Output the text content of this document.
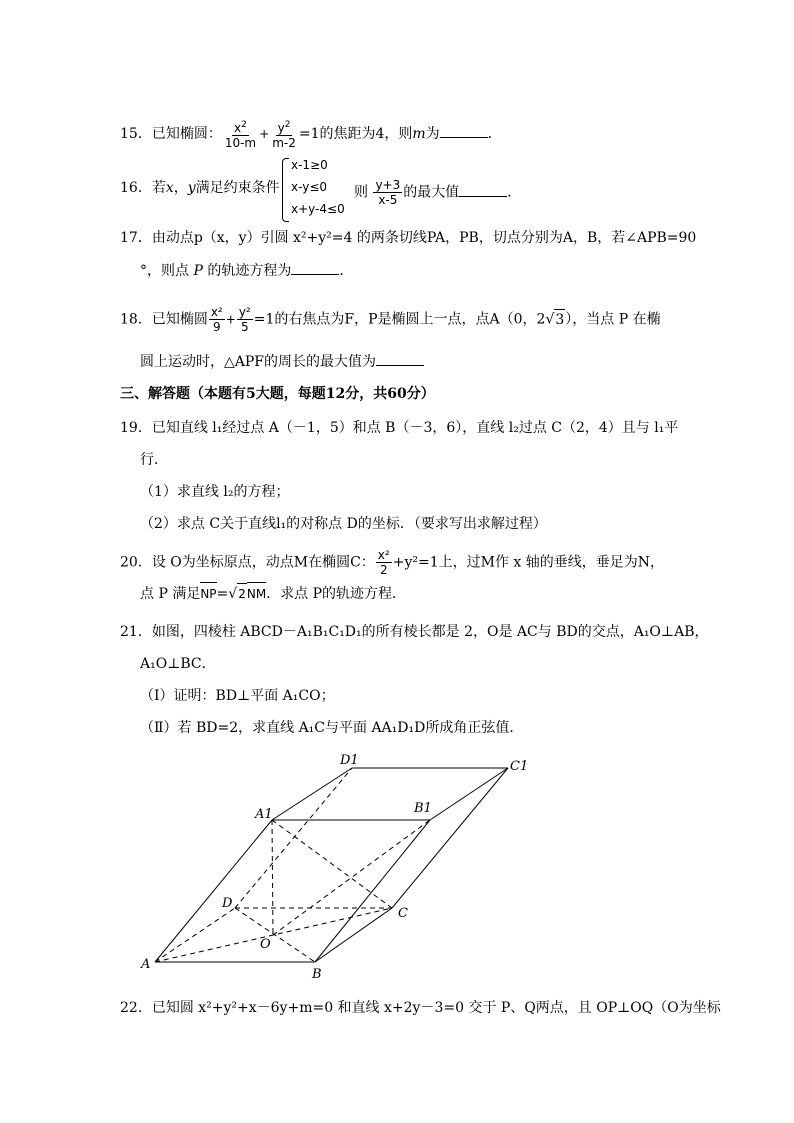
15．已知椭圆： $\frac{x^2}{10-m} + \frac{y^2}{m-2} =1$的焦距为4，则m为	．
16．若x，y满足约束条件
x-1≥0
x-y≤0
x+y-4≤0
则 $\frac{y+3}{x-5}$ 的最大值	．
17．由动点p（x，y）引圆 x²+y²=4 的两条切线PA，PB，切点分别为A，B，若∠APB=90
°，则点 P 的轨迹方程为	．
18．已知椭圆 $\frac{\text{x²}}{9} + \frac{\text{y²}}{5} =1$的右焦点为F，P是椭圆上一点，点A（0，2√3），当点 P 在椭
圆上运动时，△APF的周长的最大值为
三、解答题（本题有5大题，每题12分，共60分）
19．已知直线 l₁经过点 A（－1，5）和点 B（－3，6），直线 l₂过点 C（2，4）且与 l₁平
行．
（1）求直线 l₂的方程；
（2）求点 C关于直线l₁的对称点 D的坐标．（要求写出求解过程）
20．设 O为坐标原点，动点M在椭圆C： $\frac{\text{x²}}{2} +y^2=1$上，过M作 x 轴的垂线，垂足为N，
点 P 满足NP=√2NM．求点 P的轨迹方程．
21．如图，四棱柱 ABCD－A₁B₁C₁D₁的所有棱长都是 2，O是 AC与 BD的交点，A₁O⊥AB，
A₁O⊥BC．
（Ⅰ）证明：BD⊥平面 A₁CO；
（Ⅱ）若 BD=2，求直线 A₁C与平面 AA₁D₁D所成角正弦值．
D1	C1
A1	B1
D
C
O
A
B
22．已知圆 x²+y²+x－6y+m=0 和直线 x+2y－3=0 交于 P、Q两点，且 OP⊥OQ（O为坐标
